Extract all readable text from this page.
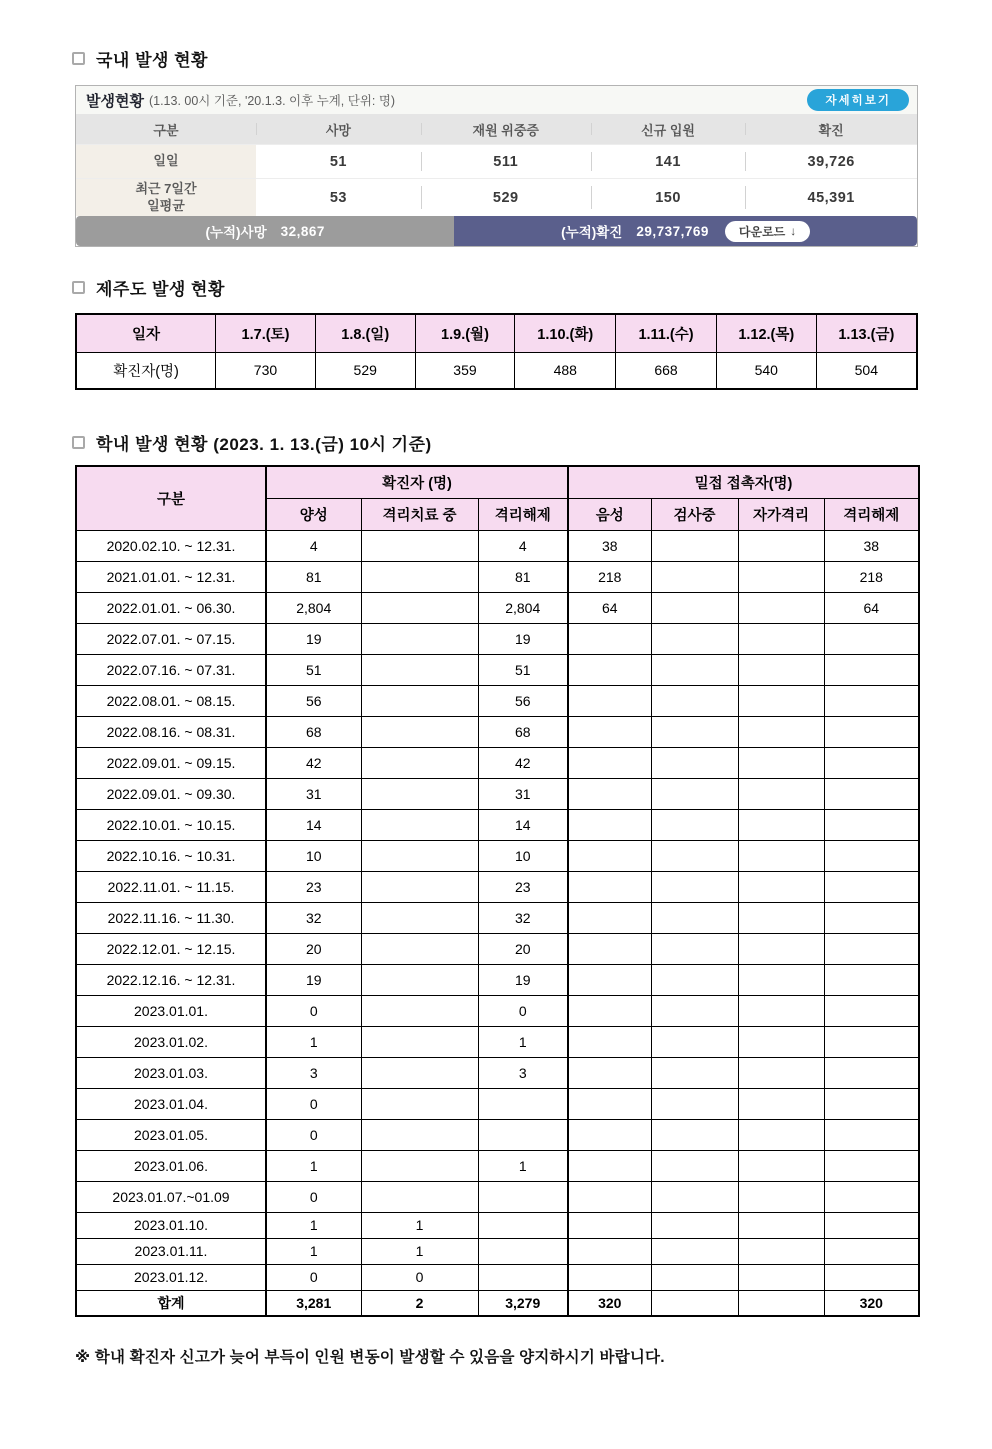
국내 발생 현황
발생현황 (1.13. 00시 기준, '20.1.3. 이후 누계, 단위: 명)	자세히보기
구분	사망	재원 위중증	신규 입원	확진
일일	51	511	141	39,726
최근 7일간
일평균	53	529	150	45,391
(누적)사망 32,867	(누적)확진 29,737,769	다운로드 ↓
제주도 발생 현황
일자	1.7.(토)	1.8.(일)	1.9.(월)	1.10.(화)	1.11.(수)	1.12.(목)	1.13.(금)
확진자(명)	730	529	359	488	668	540	504
학내 발생 현황 (2023. 1. 13.(금) 10시 기준)
구분	확진자 (명)			밀접 접촉자(명)			
	양성	격리치료 중	격리해제	음성	검사중	자가격리	격리해제
2020.02.10. ~ 12.31.	4		4	38			38
2021.01.01. ~ 12.31.	81		81	218			218
2022.01.01. ~ 06.30.	2,804		2,804	64			64
2022.07.01. ~ 07.15.	19		19				
2022.07.16. ~ 07.31.	51		51				
2022.08.01. ~ 08.15.	56		56				
2022.08.16. ~ 08.31.	68		68				
2022.09.01. ~ 09.15.	42		42				
2022.09.01. ~ 09.30.	31		31				
2022.10.01. ~ 10.15.	14		14				
2022.10.16. ~ 10.31.	10		10				
2022.11.01. ~ 11.15.	23		23				
2022.11.16. ~ 11.30.	32		32				
2022.12.01. ~ 12.15.	20		20				
2022.12.16. ~ 12.31.	19		19				
2023.01.01.	0		0				
2023.01.02.	1		1				
2023.01.03.	3		3				
2023.01.04.	0						
2023.01.05.	0						
2023.01.06.	1		1				
2023.01.07.~01.09	0						
2023.01.10.	1	1					
2023.01.11.	1	1					
2023.01.12.	0	0					
합계	3,281	2	3,279	320			320
※ 학내 확진자 신고가 늦어 부득이 인원 변동이 발생할 수 있음을 양지하시기 바랍니다.
